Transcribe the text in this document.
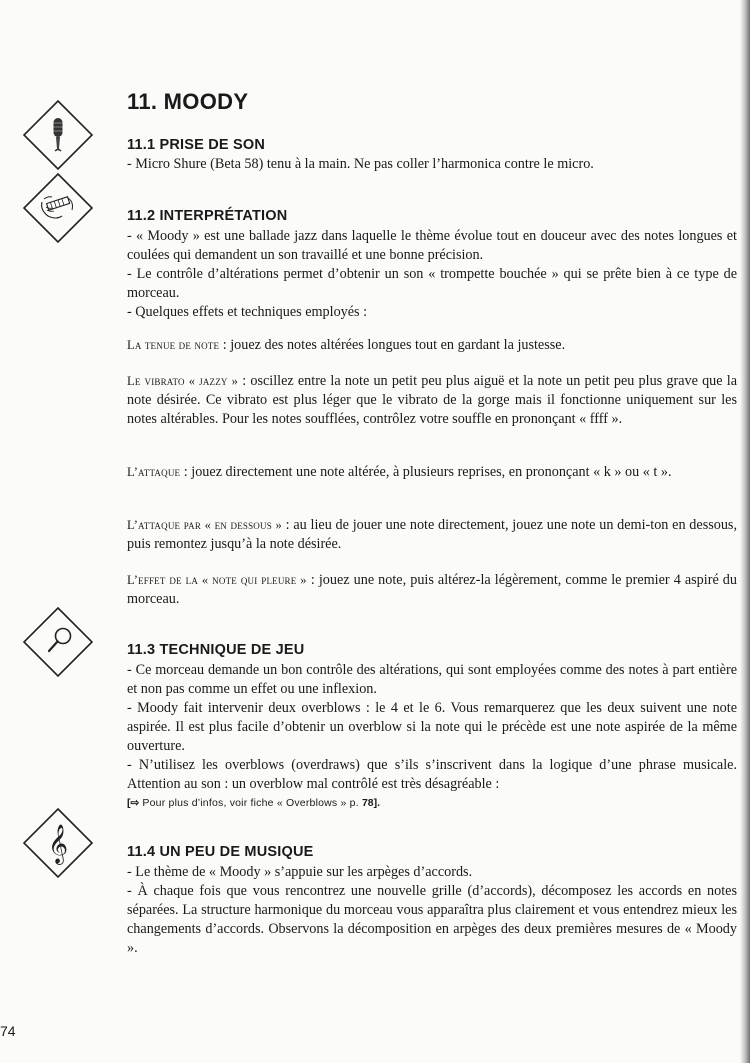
11. MOODY
𝄞
11.1 PRISE DE SON

- Micro Shure (Beta 58) tenu à la main. Ne pas coller l’harmonica contre le micro.

11.2 INTERPRÉTATION

- « Moody » est une ballade jazz dans laquelle le thème évolue tout en douceur avec des notes longues et coulées qui demandent un son travaillé et une bonne précision.

- Le contrôle d’altérations permet d’obtenir un son « trompette bouchée » qui se prête bien à ce type de morceau.

- Quelques effets et techniques employés :

La tenue de note : jouez des notes altérées longues tout en gardant la justesse.

Le vibrato « jazzy » : oscillez entre la note un petit peu plus aiguë et la note un petit peu plus grave que la note désirée. Ce vibrato est plus léger que le vibrato de la gorge mais il fonctionne uniquement sur les notes altérables. Pour les notes soufflées, contrôlez votre souffle en prononçant « ffff ».

L’attaque : jouez directement une note altérée, à plusieurs reprises, en prononçant « k » ou « t ».

L’attaque par « en dessous » : au lieu de jouer une note directement, jouez une note un demi-ton en dessous, puis remontez jusqu’à la note désirée.

L’effet de la « note qui pleure » : jouez une note, puis altérez-la légèrement, comme le premier 4 aspiré du morceau.

11.3 TECHNIQUE DE JEU

- Ce morceau demande un bon contrôle des altérations, qui sont employées comme des notes à part entière et non pas comme un effet ou une inflexion.

- Moody fait intervenir deux overblows : le 4 et le 6. Vous remarquerez que les deux suivent une note aspirée. Il est plus facile d’obtenir un overblow si la note qui le précède est une note aspirée de la même ouverture.

- N’utilisez les overblows (overdraws) que s’ils s’inscrivent dans la logique d’une phrase musicale. Attention au son : un overblow mal contrôlé est très désagréable :

[⇨ Pour plus d’infos, voir fiche « Overblows » p. 78].

11.4 UN PEU DE MUSIQUE

- Le thème de « Moody » s’appuie sur les arpèges d’accords.

- À chaque fois que vous rencontrez une nouvelle grille (d’accords), décomposez les accords en notes séparées. La structure harmonique du morceau vous apparaîtra plus clairement et vous entendrez mieux les changements d’accords. Observons la décomposition en arpèges des deux premières mesures de « Moody ».

74
